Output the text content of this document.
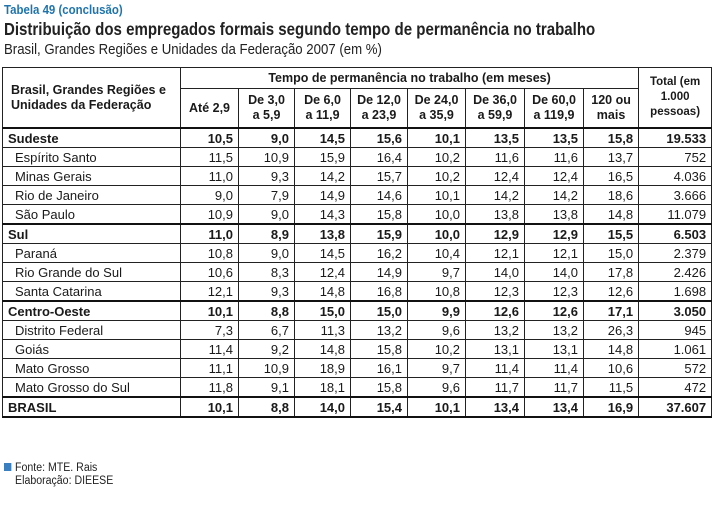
Tabela 49 (conclusão)
Distribuição dos empregados formais segundo tempo de permanência no trabalho
Brasil, Grandes Regiões e Unidades da Federação 2007 (em %)
Brasil, Grandes Regiões e Unidades da Federação	Tempo de permanência no trabalho (em meses)								Total (em 1.000 pessoas)
	Até 2,9	De 3,0 a 5,9	De 6,0 a 11,9	De 12,0 a 23,9	De 24,0 a 35,9	De 36,0 a 59,9	De 60,0 a 119,9	120 ou mais	
Sudeste	10,5	9,0	14,5	15,6	10,1	13,5	13,5	15,8	19.533
Espírito Santo	11,5	10,9	15,9	16,4	10,2	11,6	11,6	13,7	752
Minas Gerais	11,0	9,3	14,2	15,7	10,2	12,4	12,4	16,5	4.036
Rio de Janeiro	9,0	7,9	14,9	14,6	10,1	14,2	14,2	18,6	3.666
São Paulo	10,9	9,0	14,3	15,8	10,0	13,8	13,8	14,8	11.079
Sul	11,0	8,9	13,8	15,9	10,0	12,9	12,9	15,5	6.503
Paraná	10,8	9,0	14,5	16,2	10,4	12,1	12,1	15,0	2.379
Rio Grande do Sul	10,6	8,3	12,4	14,9	9,7	14,0	14,0	17,8	2.426
Santa Catarina	12,1	9,3	14,8	16,8	10,8	12,3	12,3	12,6	1.698
Centro-Oeste	10,1	8,8	15,0	15,0	9,9	12,6	12,6	17,1	3.050
Distrito Federal	7,3	6,7	11,3	13,2	9,6	13,2	13,2	26,3	945
Goiás	11,4	9,2	14,8	15,8	10,2	13,1	13,1	14,8	1.061
Mato Grosso	11,1	10,9	18,9	16,1	9,7	11,4	11,4	10,6	572
Mato Grosso do Sul	11,8	9,1	18,1	15,8	9,6	11,7	11,7	11,5	472
BRASIL	10,1	8,8	14,0	15,4	10,1	13,4	13,4	16,9	37.607
Fonte: MTE. Rais
Elaboração: DIEESE
